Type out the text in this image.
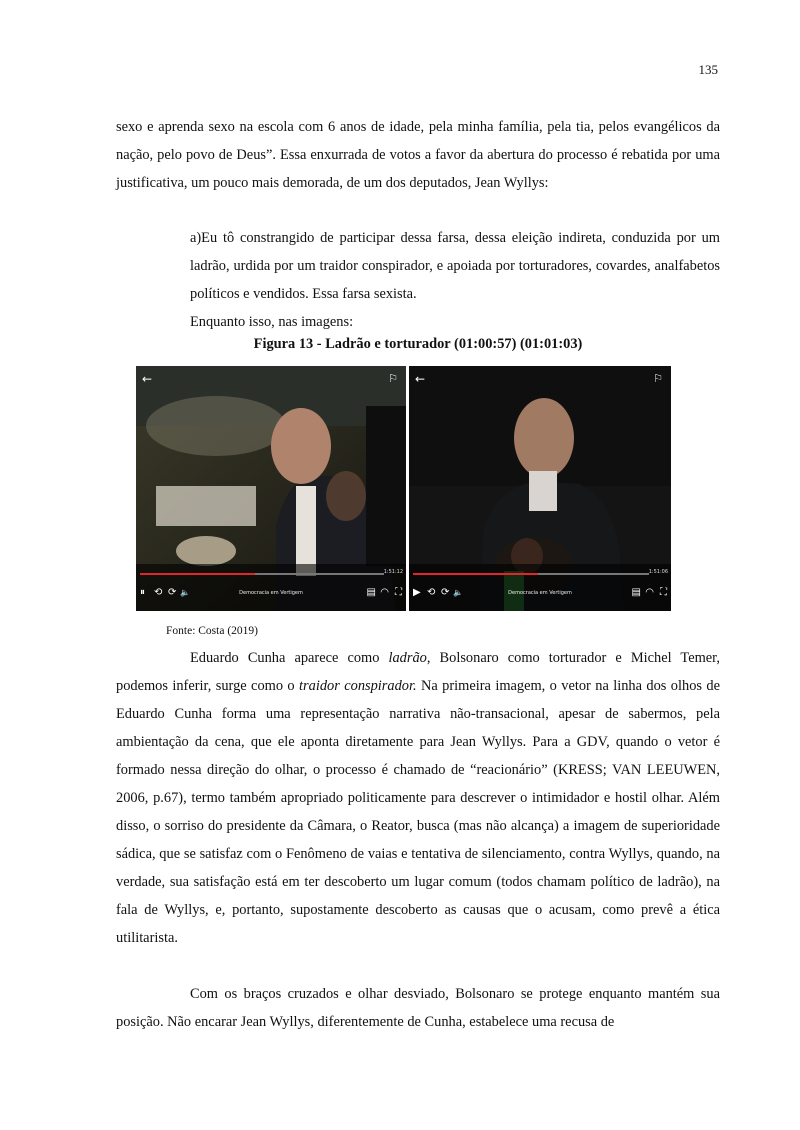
135

sexo e aprenda sexo na escola com 6 anos de idade, pela minha família, pela tia, pelos evangélicos da nação, pelo povo de Deus”. Essa enxurrada de votos a favor da abertura do processo é rebatida por uma justificativa, um pouco mais demorada, de um dos deputados, Jean Wyllys:

a)Eu tô constrangido de participar dessa farsa, dessa eleição indireta, conduzida por um ladrão, urdida por um traidor conspirador, e apoiada por torturadores, covardes, analfabetos políticos e vendidos. Essa farsa sexista.

Enquanto isso, nas imagens:

Figura 13 - Ladrão e torturador (01:00:57) (01:01:03)
←	⚐
1:51:12
Democracia em Vertigem
⏸ ⟲ ⟳ 🔈	▤ ◠ ⛶
←	⚐
1:51:06
Democracia em Vertigem
▶ ⟲ ⟳ 🔈	▤ ◠ ⛶
Fonte: Costa (2019)

Eduardo Cunha aparece como ladrão, Bolsonaro como torturador e Michel Temer, podemos inferir, surge como o traidor conspirador. Na primeira imagem, o vetor na linha dos olhos de Eduardo Cunha forma uma representação narrativa não-transacional, apesar de sabermos, pela ambientação da cena, que ele aponta diretamente para Jean Wyllys. Para a GDV, quando o vetor é formado nessa direção do olhar, o processo é chamado de “reacionário” (KRESS; VAN LEEUWEN, 2006, p.67), termo também apropriado politicamente para descrever o intimidador e hostil olhar. Além disso, o sorriso do presidente da Câmara, o Reator, busca (mas não alcança) a imagem de superioridade sádica, que se satisfaz com o Fenômeno de vaias e tentativa de silenciamento, contra Wyllys, quando, na verdade, sua satisfação está em ter descoberto um lugar comum (todos chamam político de ladrão), na fala de Wyllys, e, portanto, supostamente descoberto as causas que o acusam, como prevê a ética utilitarista.

Com os braços cruzados e olhar desviado, Bolsonaro se protege enquanto mantém sua posição. Não encarar Jean Wyllys, diferentemente de Cunha, estabelece uma recusa de
